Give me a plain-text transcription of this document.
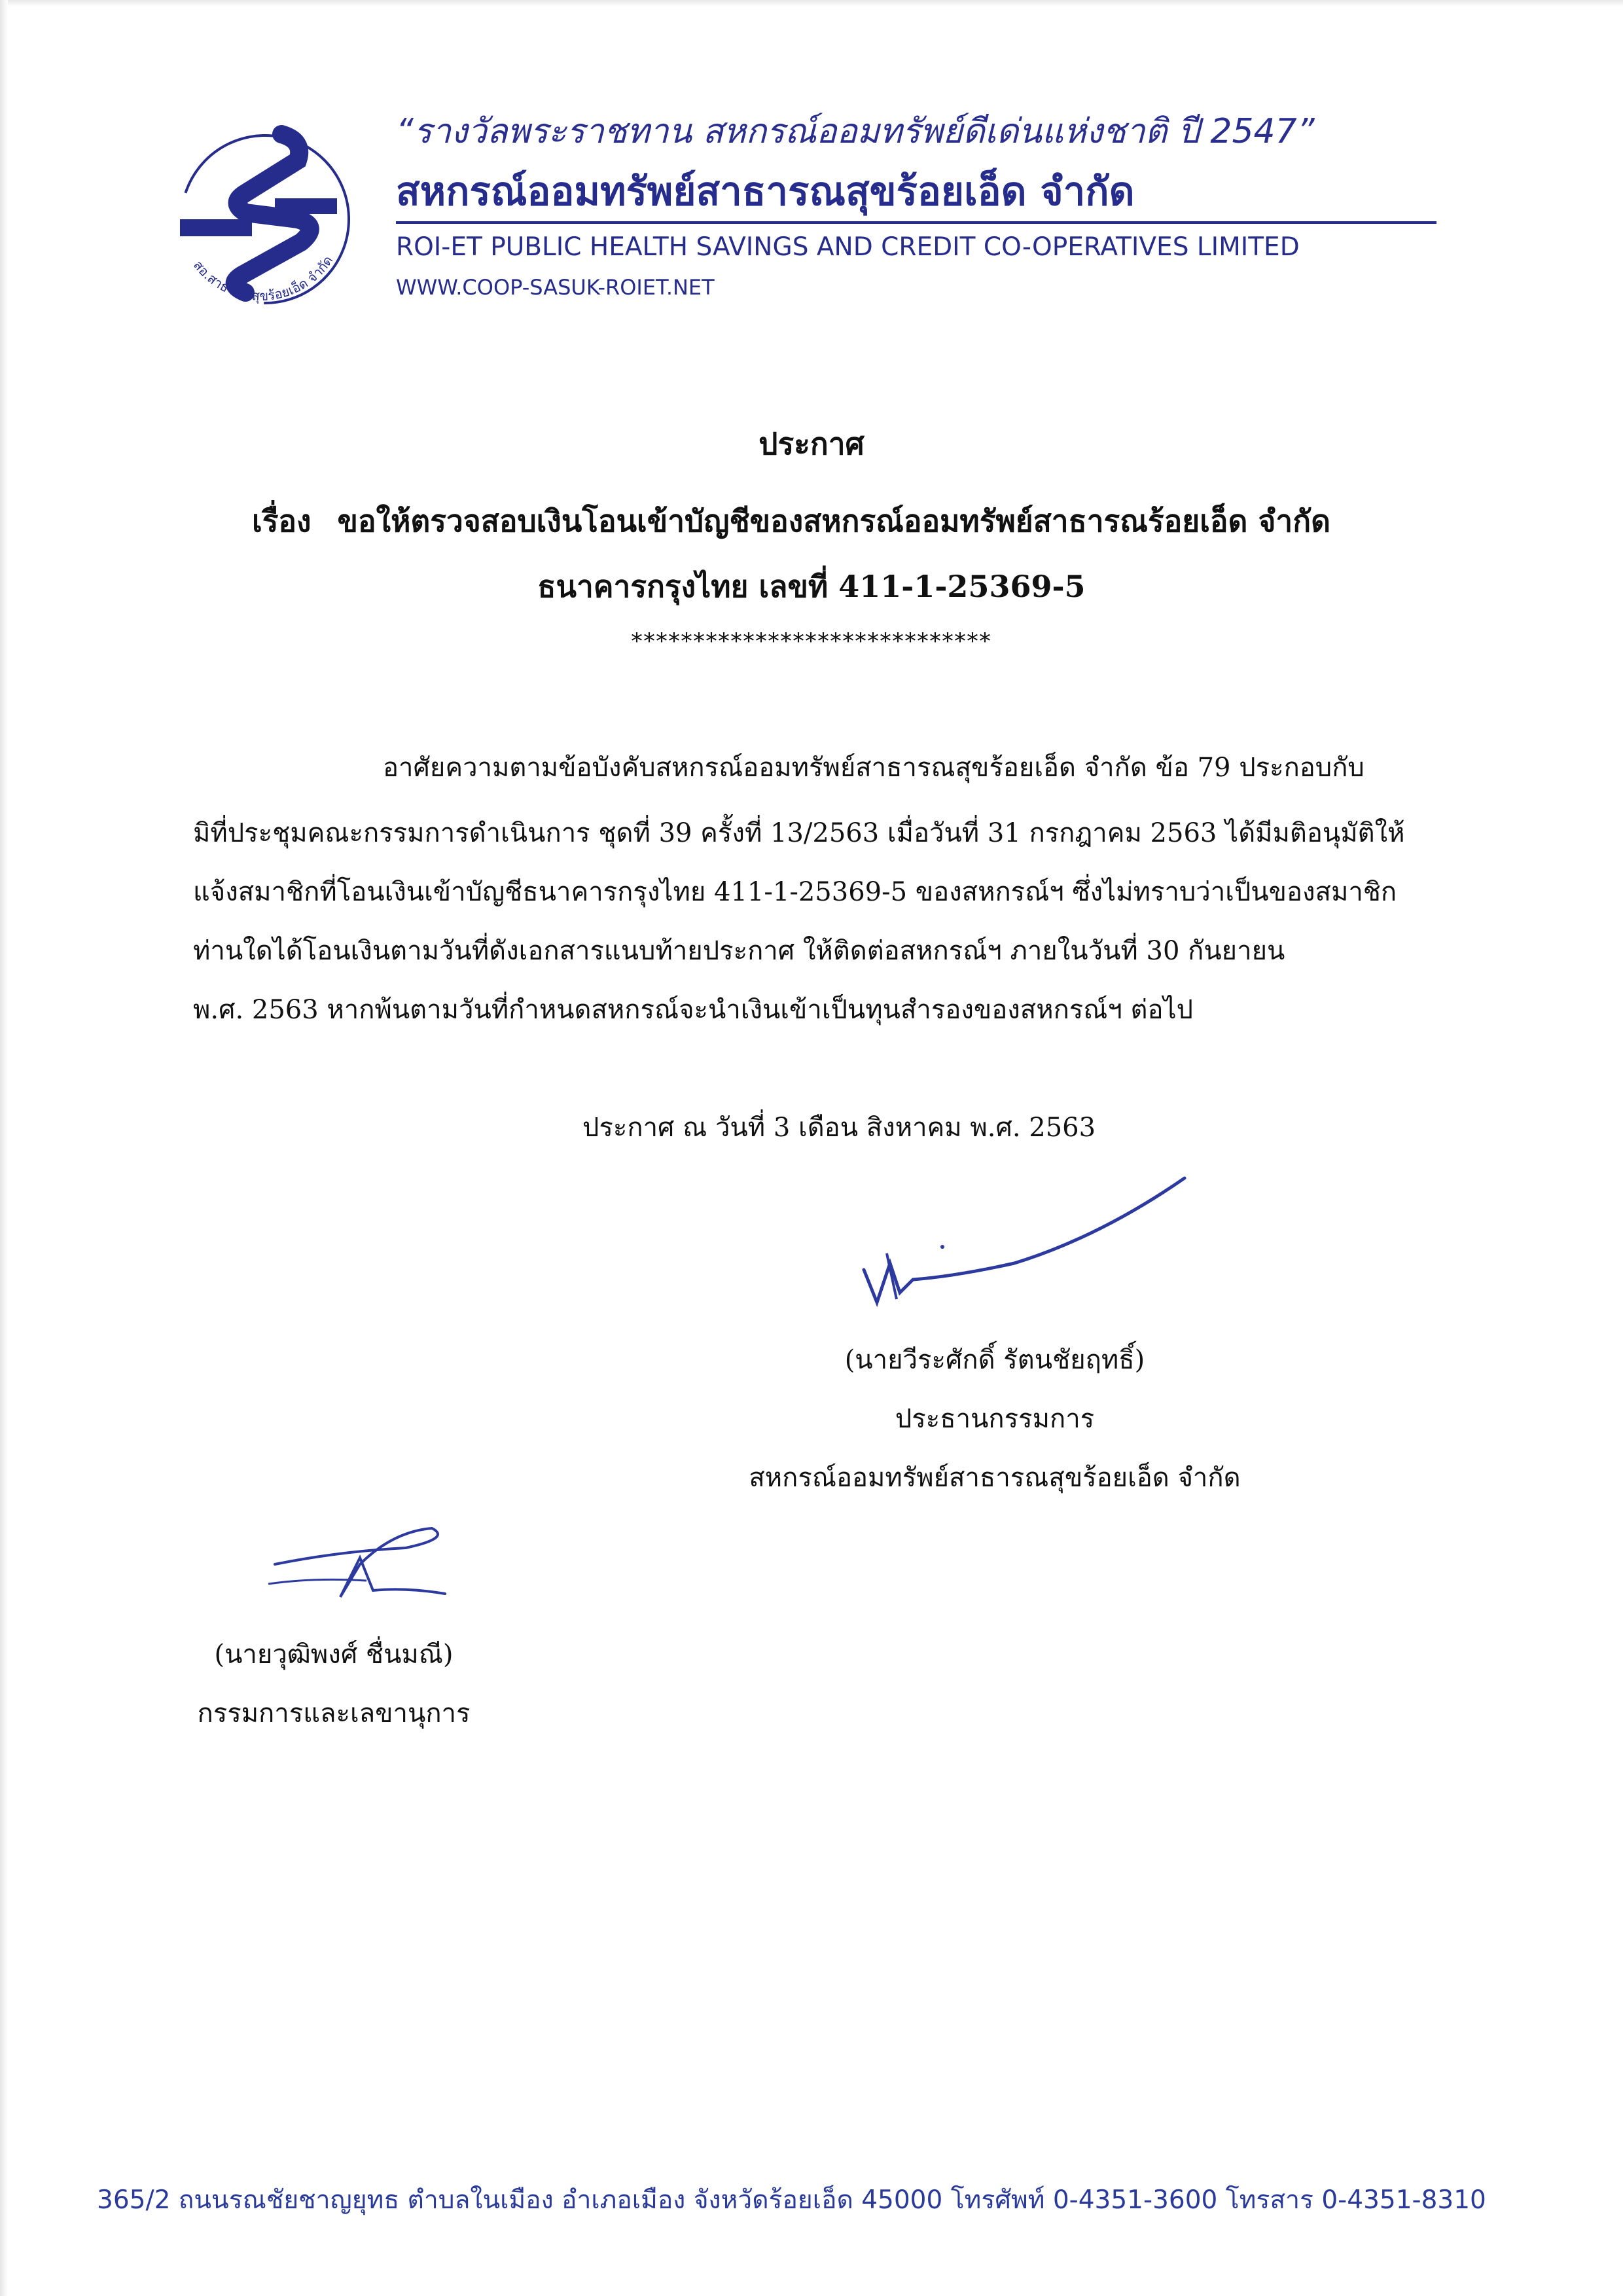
สอ.สาธารณสุขร้อยเอ็ด จำกัด
“รางวัลพระราชทาน สหกรณ์ออมทรัพย์ดีเด่นแห่งชาติ ปี 2547”
สหกรณ์ออมทรัพย์สาธารณสุขร้อยเอ็ด จำกัด
ROI-ET PUBLIC HEALTH SAVINGS AND CREDIT CO-OPERATIVES LIMITED
WWW.COOP-SASUK-ROIET.NET
ประกาศ
เรื่อง ขอให้ตรวจสอบเงินโอนเข้าบัญชีของสหกรณ์ออมทรัพย์สาธารณร้อยเอ็ด จำกัด
ธนาคารกรุงไทย เลขที่ 411-1-25369-5
*****************************
อาศัยความตามข้อบังคับสหกรณ์ออมทรัพย์สาธารณสุขร้อยเอ็ด จำกัด ข้อ 79 ประกอบกับ
มิที่ประชุมคณะกรรมการดำเนินการ ชุดที่ 39 ครั้งที่ 13/2563 เมื่อวันที่ 31 กรกฎาคม 2563 ได้มีมติอนุมัติให้
แจ้งสมาชิกที่โอนเงินเข้าบัญชีธนาคารกรุงไทย 411-1-25369-5 ของสหกรณ์ฯ ซึ่งไม่ทราบว่าเป็นของสมาชิก
ท่านใดได้โอนเงินตามวันที่ดังเอกสารแนบท้ายประกาศ ให้ติดต่อสหกรณ์ฯ ภายในวันที่ 30 กันยายน
พ.ศ. 2563 หากพ้นตามวันที่กำหนดสหกรณ์จะนำเงินเข้าเป็นทุนสำรองของสหกรณ์ฯ ต่อไป
ประกาศ ณ วันที่ 3 เดือน สิงหาคม พ.ศ. 2563
(นายวีระศักดิ์ รัตนชัยฤทธิ์)
ประธานกรรมการ
สหกรณ์ออมทรัพย์สาธารณสุขร้อยเอ็ด จำกัด
(นายวุฒิพงศ์ ชื่นมณี)
กรรมการและเลขานุการ
365/2 ถนนรณชัยชาญยุทธ ตำบลในเมือง อำเภอเมือง จังหวัดร้อยเอ็ด 45000 โทรศัพท์ 0-4351-3600 โทรสาร 0-4351-8310
